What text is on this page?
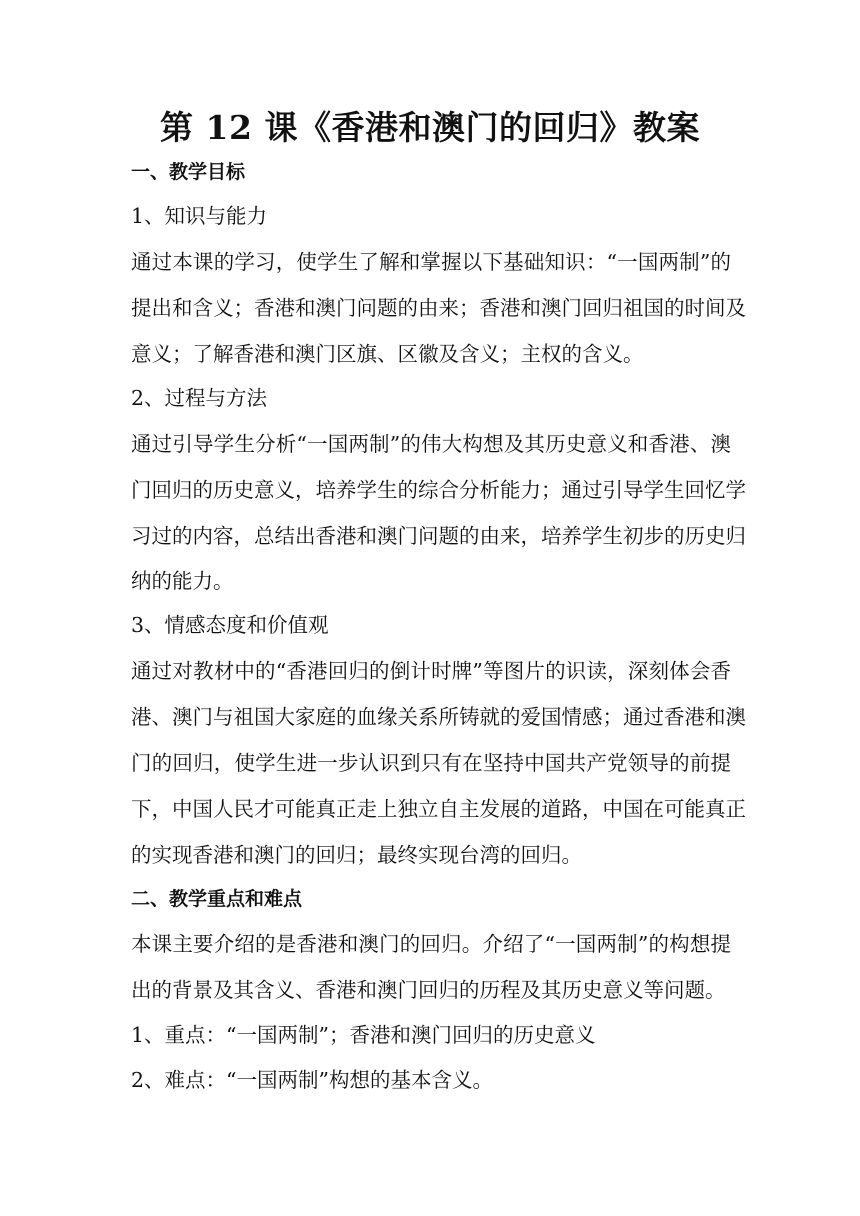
第 12 课《香港和澳门的回归》教案
一、教学目标
1、知识与能力
通过本课的学习，使学生了解和掌握以下基础知识：“一国两制”的
提出和含义；香港和澳门问题的由来；香港和澳门回归祖国的时间及
意义；了解香港和澳门区旗、区徽及含义；主权的含义。
2、过程与方法
通过引导学生分析“一国两制”的伟大构想及其历史意义和香港、澳
门回归的历史意义，培养学生的综合分析能力；通过引导学生回忆学
习过的内容，总结出香港和澳门问题的由来，培养学生初步的历史归
纳的能力。
3、情感态度和价值观
通过对教材中的“香港回归的倒计时牌”等图片的识读，深刻体会香
港、澳门与祖国大家庭的血缘关系所铸就的爱国情感；通过香港和澳
门的回归，使学生进一步认识到只有在坚持中国共产党领导的前提
下，中国人民才可能真正走上独立自主发展的道路，中国在可能真正
的实现香港和澳门的回归；最终实现台湾的回归。
二、教学重点和难点
本课主要介绍的是香港和澳门的回归。介绍了“一国两制”的构想提
出的背景及其含义、香港和澳门回归的历程及其历史意义等问题。
1、重点：“一国两制”；香港和澳门回归的历史意义
2、难点：“一国两制”构想的基本含义。
